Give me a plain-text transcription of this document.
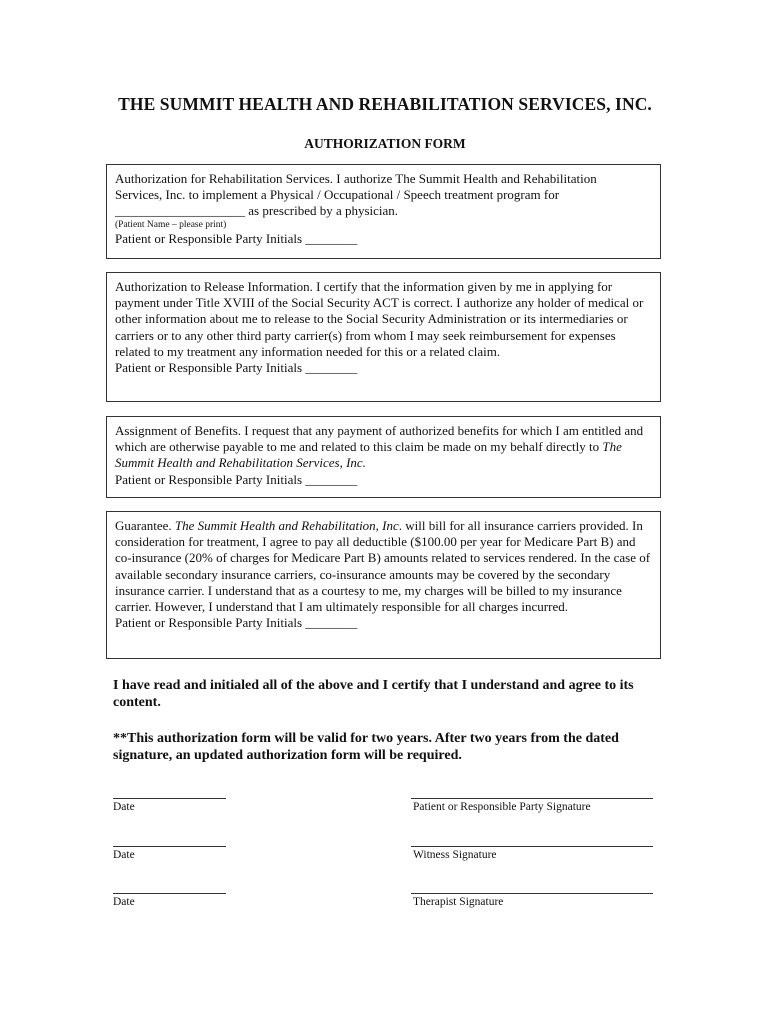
THE SUMMIT HEALTH AND REHABILITATION SERVICES, INC.
AUTHORIZATION FORM

Authorization for Rehabilitation Services. I authorize The Summit Health and Rehabilitation

Services, Inc. to implement a Physical / Occupational / Speech treatment program for

____________________ as prescribed by a physician.

(Patient Name – please print)

Patient or Responsible Party Initials ________

Authorization to Release Information. I certify that the information given by me in applying for payment under Title XVIII of the Social Security ACT is correct. I authorize any holder of medical or other information about me to release to the Social Security Administration or its intermediaries or carriers or to any other third party carrier(s) from whom I may seek reimbursement for expenses related to my treatment any information needed for this or a related claim.

Patient or Responsible Party Initials ________

Assignment of Benefits. I request that any payment of authorized benefits for which I am entitled and which are otherwise payable to me and related to this claim be made on my behalf directly to The Summit Health and Rehabilitation Services, Inc.

Patient or Responsible Party Initials ________

Guarantee. The Summit Health and Rehabilitation, Inc. will bill for all insurance carriers provided. In consideration for treatment, I agree to pay all deductible ($100.00 per year for Medicare Part B) and co-insurance (20% of charges for Medicare Part B) amounts related to services rendered. In the case of available secondary insurance carriers, co-insurance amounts may be covered by the secondary insurance carrier. I understand that as a courtesy to me, my charges will be billed to my insurance carrier. However, I understand that I am ultimately responsible for all charges incurred.

Patient or Responsible Party Initials ________

I have read and initialed all of the above and I certify that I understand and agree to its content.
**This authorization form will be valid for two years. After two years from the dated signature, an updated authorization form will be required.
Date	Patient or Responsible Party Signature
Date	Witness Signature
Date	Therapist Signature
